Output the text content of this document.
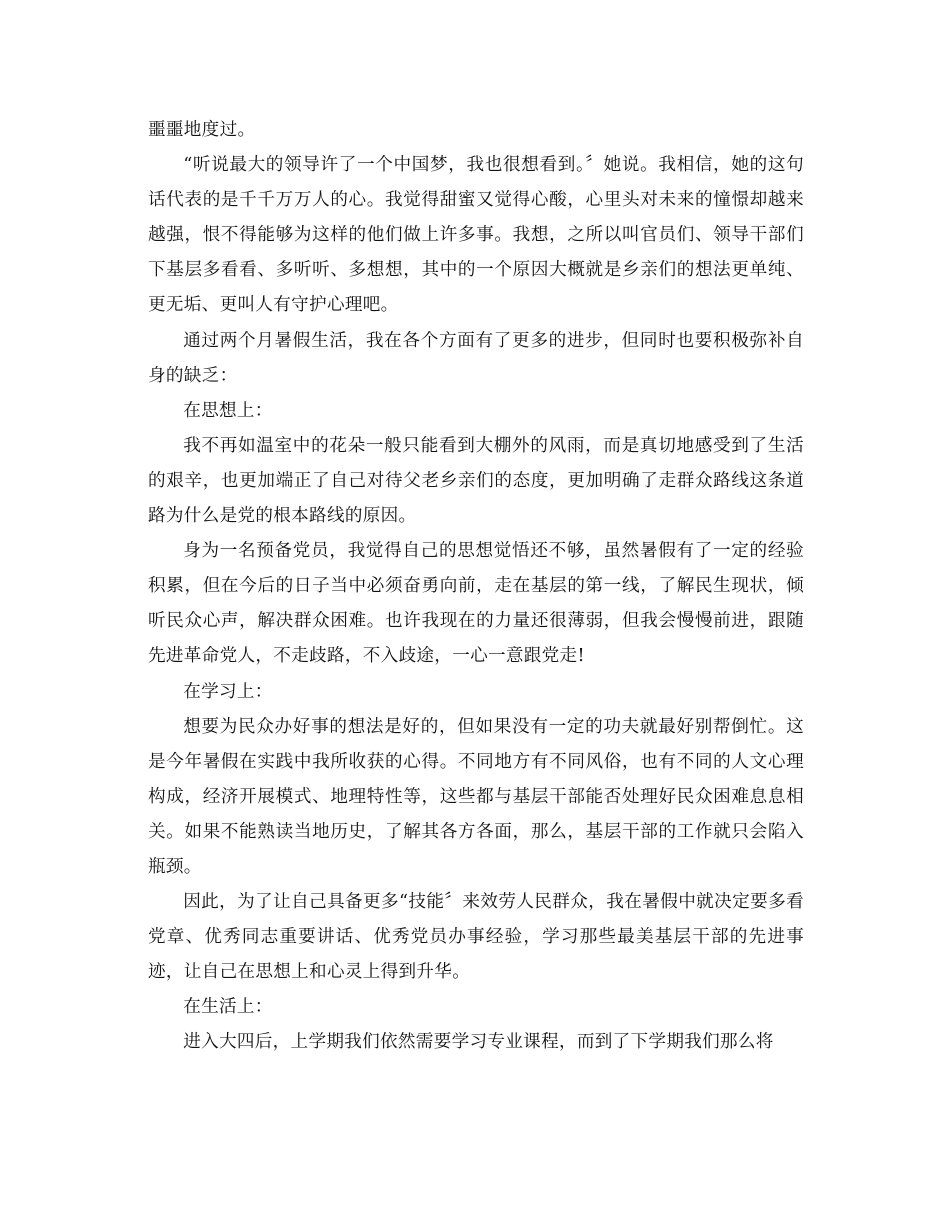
噩噩地度过。

“听说最大的领导许了一个中国梦，我也很想看到。〞她说。我相信，她的这句话代表的是千千万万人的心。我觉得甜蜜又觉得心酸，心里头对未来的憧憬却越来越强，恨不得能够为这样的他们做上许多事。我想，之所以叫官员们、领导干部们下基层多看看、多听听、多想想，其中的一个原因大概就是乡亲们的想法更单纯、更无垢、更叫人有守护心理吧。

通过两个月暑假生活，我在各个方面有了更多的进步，但同时也要积极弥补自身的缺乏：

在思想上：

我不再如温室中的花朵一般只能看到大棚外的风雨，而是真切地感受到了生活的艰辛，也更加端正了自己对待父老乡亲们的态度，更加明确了走群众路线这条道路为什么是党的根本路线的原因。

身为一名预备党员，我觉得自己的思想觉悟还不够，虽然暑假有了一定的经验积累，但在今后的日子当中必须奋勇向前，走在基层的第一线，了解民生现状，倾听民众心声，解决群众困难。也许我现在的力量还很薄弱，但我会慢慢前进，跟随先进革命党人，不走歧路，不入歧途，一心一意跟党走!

在学习上：

想要为民众办好事的想法是好的，但如果没有一定的功夫就最好别帮倒忙。这是今年暑假在实践中我所收获的心得。不同地方有不同风俗，也有不同的人文心理构成，经济开展模式、地理特性等，这些都与基层干部能否处理好民众困难息息相关。如果不能熟读当地历史，了解其各方各面，那么，基层干部的工作就只会陷入瓶颈。

因此，为了让自己具备更多“技能〞来效劳人民群众，我在暑假中就决定要多看党章、优秀同志重要讲话、优秀党员办事经验，学习那些最美基层干部的先进事迹，让自己在思想上和心灵上得到升华。

在生活上：

进入大四后，上学期我们依然需要学习专业课程，而到了下学期我们那么将
